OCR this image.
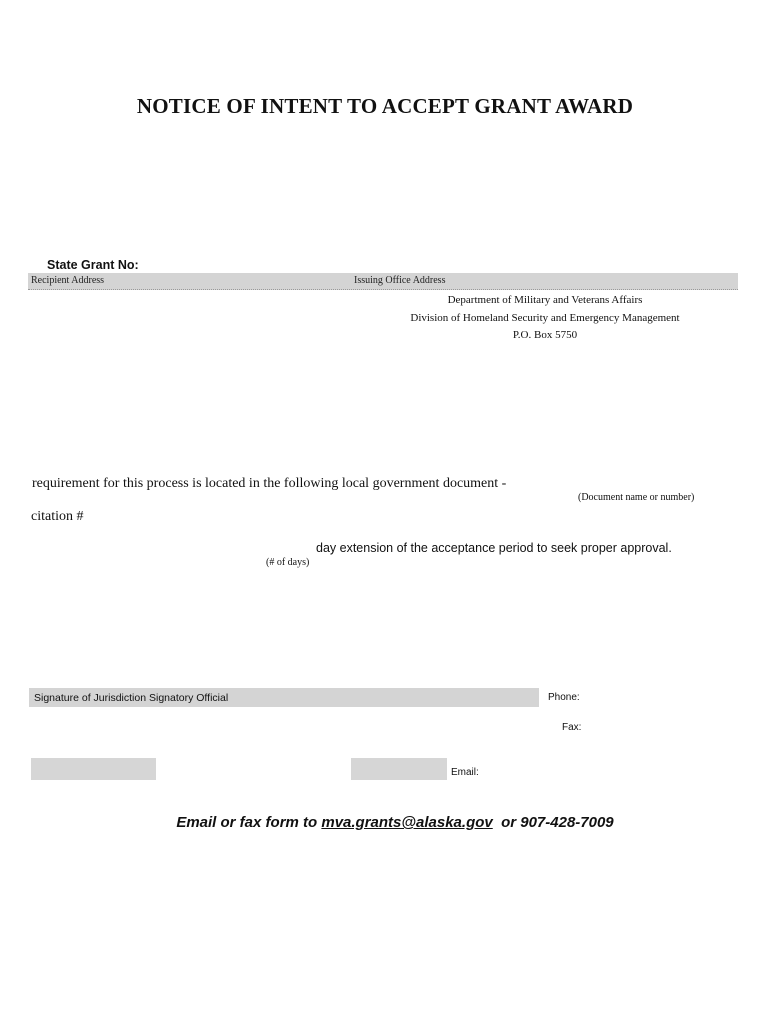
NOTICE OF INTENT TO ACCEPT GRANT AWARD
State Grant No:
Recipient Address	Issuing Office Address
Department of Military and Veterans Affairs
Division of Homeland Security and Emergency Management
P.O. Box 5750
requirement for this process is located in the following local government document -
(Document name or number)
citation #
day extension of the acceptance period to seek proper approval.
(# of days)
Signature of Jurisdiction Signatory Official	Phone:
Fax:
Email:
Email or fax form to mva.grants@alaska.gov  or 907-428-7009
